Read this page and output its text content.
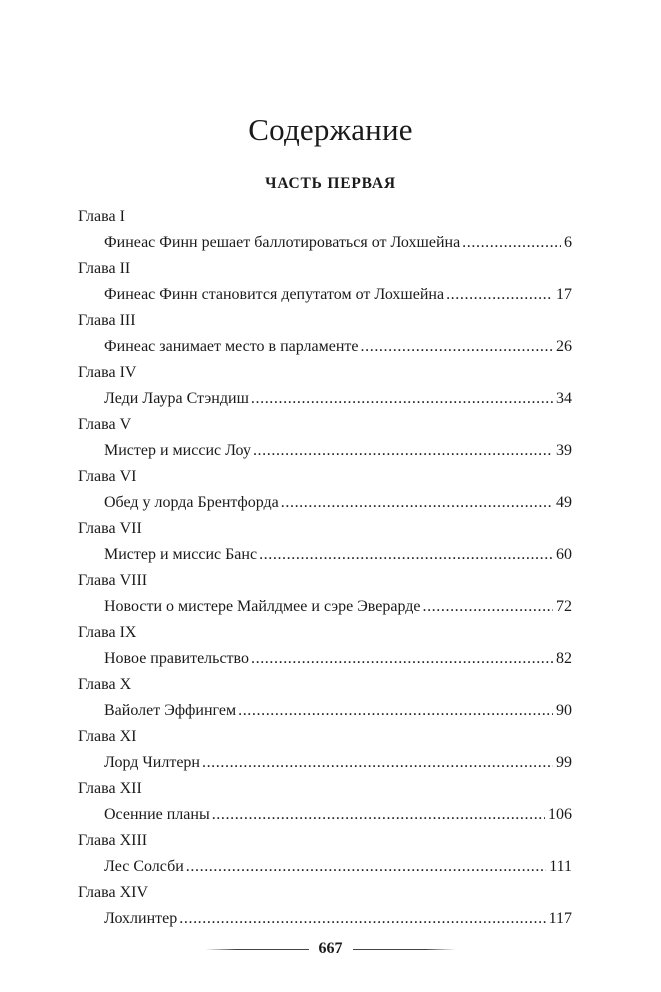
Содержание
ЧАСТЬ ПЕРВАЯ
Глава I
Финеас Финн решает баллотироваться от Лохшейна .....	6
Глава II
Финеас Финн становится депутатом от Лохшейна .....	17
Глава III
Финеас занимает место в парламенте .....	26
Глава IV
Леди Лаура Стэндиш .....	34
Глава V
Мистер и миссис Лоу .....	39
Глава VI
Обед у лорда Брентфорда .....	49
Глава VII
Мистер и миссис Банс .....	60
Глава VIII
Новости о мистере Майлдмее и сэре Эверарде .....	72
Глава IX
Новое правительство .....	82
Глава X
Вайолет Эффингем .....	90
Глава XI
Лорд Чилтерн .....	99
Глава XII
Осенние планы .....	106
Глава XIII
Лес Солсби .....	111
Глава XIV
Лохлинтер .....	117
667
